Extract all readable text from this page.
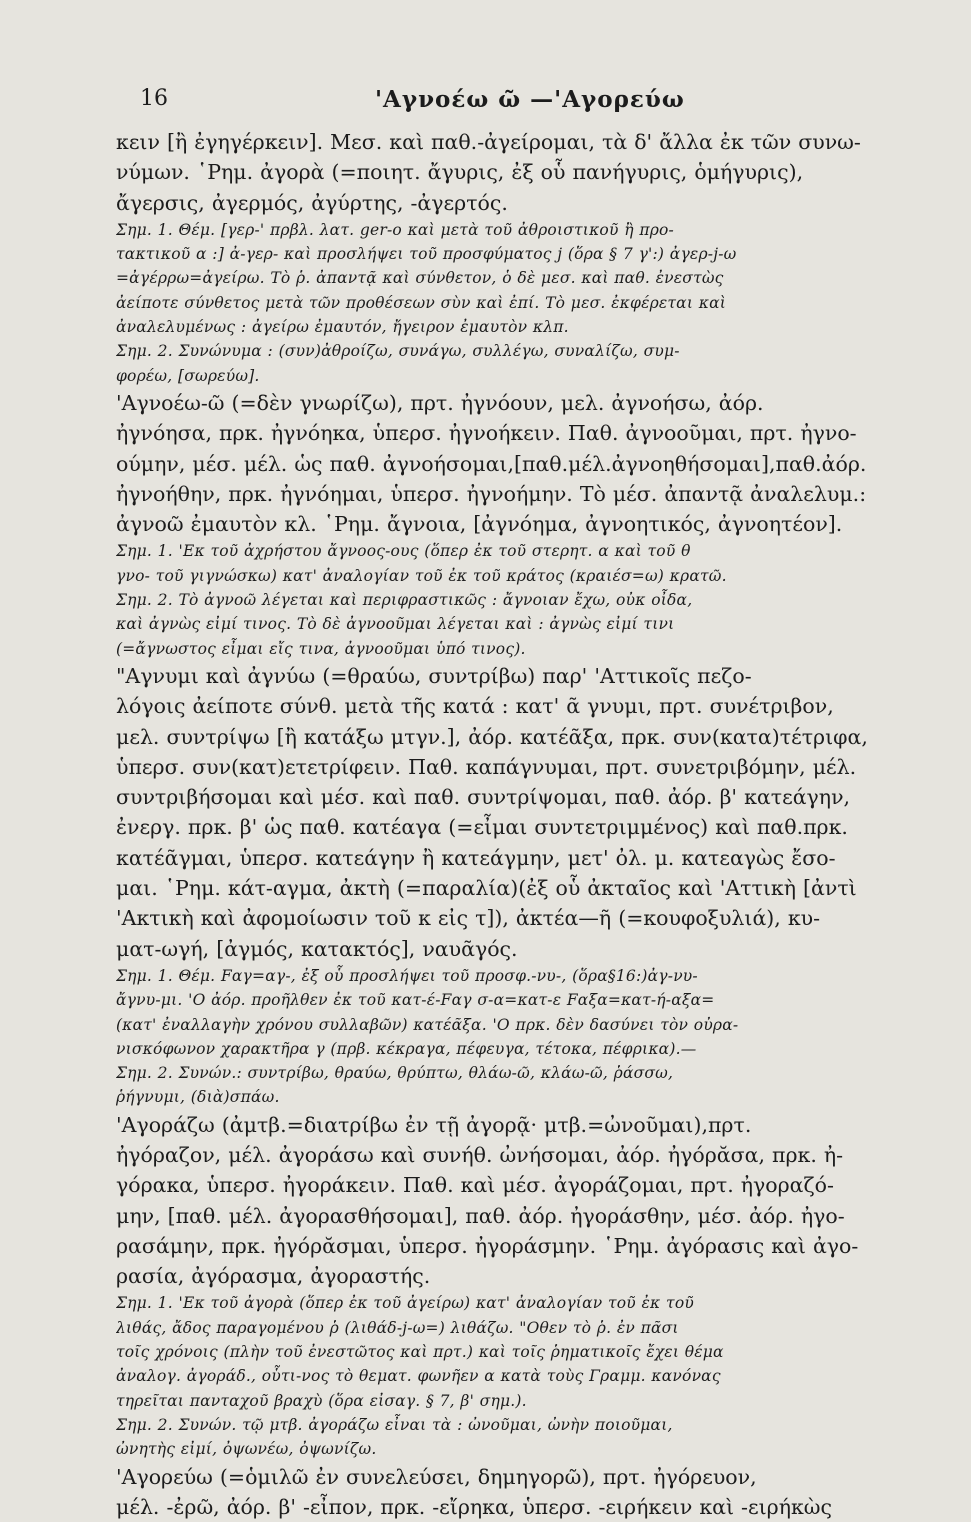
16	'Αγνοέω ῶ —'Αγορεύω
κειν [ἢ ἐγηγέρκειν]. Μεσ. καὶ παθ.-ἀγείρομαι, τὰ δ' ἄλλα ἐκ τῶν συνω-
νύμων. ῾Ρημ. ἀγορὰ (=ποιητ. ἄγυρις, ἐξ οὗ πανήγυρις, ὁμήγυρις),
ἄγερσις, ἀγερμός, ἀγύρτης, -ἀγερτός.
Σημ. 1. Θέμ. [γερ-' πρβλ. λατ. ger-o καὶ μετὰ τοῦ ἀθροιστικοῦ ἢ προ-
τακτικοῦ α :] ἀ-γερ- καὶ προσλήψει τοῦ προσφύματος j (ὅρα § 7 γ':) ἀγερ-j-ω
=ἀγέρρω=ἀγείρω. Τὸ ῥ. ἀπαντᾷ καὶ σύνθετον, ὁ δὲ μεσ. καὶ παθ. ἐνεστὼς
ἀείποτε σύνθετος μετὰ τῶν προθέσεων σὺν καὶ ἐπί. Τὸ μεσ. ἐκφέρεται καὶ
ἀναλελυμένως : ἀγείρω ἐμαυτόν, ἤγειρον ἐμαυτὸν κλπ.
Σημ. 2. Συνώνυμα : (συν)ἀθροίζω, συνάγω, συλλέγω, συναλίζω, συμ-
φορέω, [σωρεύω].
'Αγνοέω-ῶ (=δὲν γνωρίζω), πρτ. ἠγνόουν, μελ. ἀγνοήσω, ἀόρ.
ἠγνόησα, πρκ. ἠγνόηκα, ὑπερσ. ἠγνοήκειν. Παθ. ἀγνοοῦμαι, πρτ. ἠγνο-
ούμην, μέσ. μέλ. ὡς παθ. ἀγνοήσομαι,[παθ.μέλ.ἀγνοηθήσομαι],παθ.ἀόρ.
ἠγνοήθην, πρκ. ἠγνόημαι, ὑπερσ. ἠγνοήμην. Τὸ μέσ. ἀπαντᾷ ἀναλελυμ.:
ἀγνοῶ ἐμαυτὸν κλ. ῾Ρημ. ἄγνοια, [ἀγνόημα, ἀγνοητικός, ἀγνοητέον].
Σημ. 1. 'Εκ τοῦ ἀχρήστου ἄγνοος-ους (ὅπερ ἐκ τοῦ στερητ. α καὶ τοῦ θ
γνο- τοῦ γιγνώσκω) κατ' ἀναλογίαν τοῦ ἐκ τοῦ κράτος (κραιέσ=ω) κρατῶ.
Σημ. 2. Τὸ ἀγνοῶ λέγεται καὶ περιφραστικῶς : ἄγνοιαν ἔχω, οὐκ οἶδα,
καὶ ἀγνὼς εἰμί τινος. Τὸ δὲ ἀγνοοῦμαι λέγεται καὶ : ἀγνὼς εἰμί τινι
(=ἄγνωστος εἶμαι εἴς τινα, ἀγνοοῦμαι ὑπό τινος).
"Αγνυμι καὶ ἀγνύω (=θραύω, συντρίβω) παρ' 'Αττικοῖς πεζο-
λόγοις ἀείποτε σύνθ. μετὰ τῆς κατά : κατ' ᾶ γνυμι, πρτ. συνέτριβον,
μελ. συντρίψω [ἢ κατάξω μτγν.], ἀόρ. κατέᾶξα, πρκ. συν(κατα)τέτριφα,
ὑπερσ. συν(κατ)ετετρίφειν. Παθ. καπάγνυμαι, πρτ. συνετριβόμην, μέλ.
συντριβήσομαι καὶ μέσ. καὶ παθ. συντρίψομαι, παθ. ἀόρ. β' κατεάγην,
ἐνεργ. πρκ. β' ὡς παθ. κατέαγα (=εἶμαι συντετριμμένος) καὶ παθ.πρκ.
κατέᾶγμαι, ὑπερσ. κατεάγην ἢ κατεάγμην, μετ' ὀλ. μ. κατεαγὼς ἔσο-
μαι. ῾Ρημ. κάτ-αγμα, ἀκτὴ (=παραλία)(ἐξ οὗ ἀκταῖος καὶ 'Αττικὴ [ἀντὶ
'Ακτικὴ καὶ ἀφομοίωσιν τοῦ κ εἰς τ]), ἀκτέα—ῆ (=κουφοξυλιά), κυ-
ματ-ωγή, [ἀγμός, κατακτός], ναυᾶγός.
Σημ. 1. Θέμ. Fαγ=αγ-, ἐξ οὗ προσλήψει τοῦ προσφ.-νυ-, (ὅρα§16:)ἀγ-νυ-
ἄγνυ-μι. 'Ο ἀόρ. προῆλθεν ἐκ τοῦ κατ-έ-Fαγ σ-α=κατ-ε Fαξα=κατ-ή-αξα=
(κατ' ἐναλλαγὴν χρόνου συλλαβῶν) κατέᾶξα. 'Ο πρκ. δὲν δασύνει τὸν οὐρα-
νισκόφωνον χαρακτῆρα γ (πρβ. κέκραγα, πέφευγα, τέτοκα, πέφρικα).—
Σημ. 2. Συνών.: συντρίβω, θραύω, θρύπτω, θλάω-ῶ, κλάω-ῶ, ῥάσσω,
ῥήγνυμι, (διὰ)σπάω.
'Αγοράζω (ἀμτβ.=διατρίβω ἐν τῇ ἀγορᾷ· μτβ.=ὠνοῦμαι),πρτ.
ἠγόραζον, μέλ. ἀγοράσω καὶ συνήθ. ὠνήσομαι, ἀόρ. ἠγόρᾰσα, πρκ. ἠ-
γόρακα, ὑπερσ. ἠγοράκειν. Παθ. καὶ μέσ. ἀγοράζομαι, πρτ. ἠγοραζό-
μην, [παθ. μέλ. ἀγορασθήσομαι], παθ. ἀόρ. ἠγοράσθην, μέσ. ἀόρ. ἠγο-
ρασάμην, πρκ. ἠγόρᾰσμαι, ὑπερσ. ἠγοράσμην. ῾Ρημ. ἀγόρασις καὶ ἀγο-
ρασία, ἀγόρασμα, ἀγοραστής.
Σημ. 1. 'Εκ τοῦ ἀγορὰ (ὅπερ ἐκ τοῦ ἀγείρω) κατ' ἀναλογίαν τοῦ ἐκ τοῦ
λιθάς, ἄδος παραγομένου ῥ (λιθάδ-j-ω=) λιθάζω. "Οθεν τὸ ῥ. ἐν πᾶσι
τοῖς χρόνοις (πλὴν τοῦ ἐνεστῶτος καὶ πρτ.) καὶ τοῖς ῥηματικοῖς ἔχει θέμα
ἀναλογ. ἀγοράδ., οὗτι-νος τὸ θεματ. φωνῆεν α κατὰ τοὺς Γραμμ. κανόνας
τηρεῖται πανταχοῦ βραχὺ (ὅρα εἰσαγ. § 7, β' σημ.).
Σημ. 2. Συνών. τῷ μτβ. ἀγοράζω εἶναι τὰ : ὠνοῦμαι, ὠνὴν ποιοῦμαι,
ὠνητὴς εἰμί, ὀψωνέω, ὀψωνίζω.
'Αγορεύω (=ὁμιλῶ ἐν συνελεύσει, δημηγορῶ), πρτ. ἠγόρευον,
μέλ. -ἐρῶ, ἀόρ. β' -εἶπον, πρκ. -εἴρηκα, ὑπερσ. -ειρήκειν καὶ -ειρήκὼς
